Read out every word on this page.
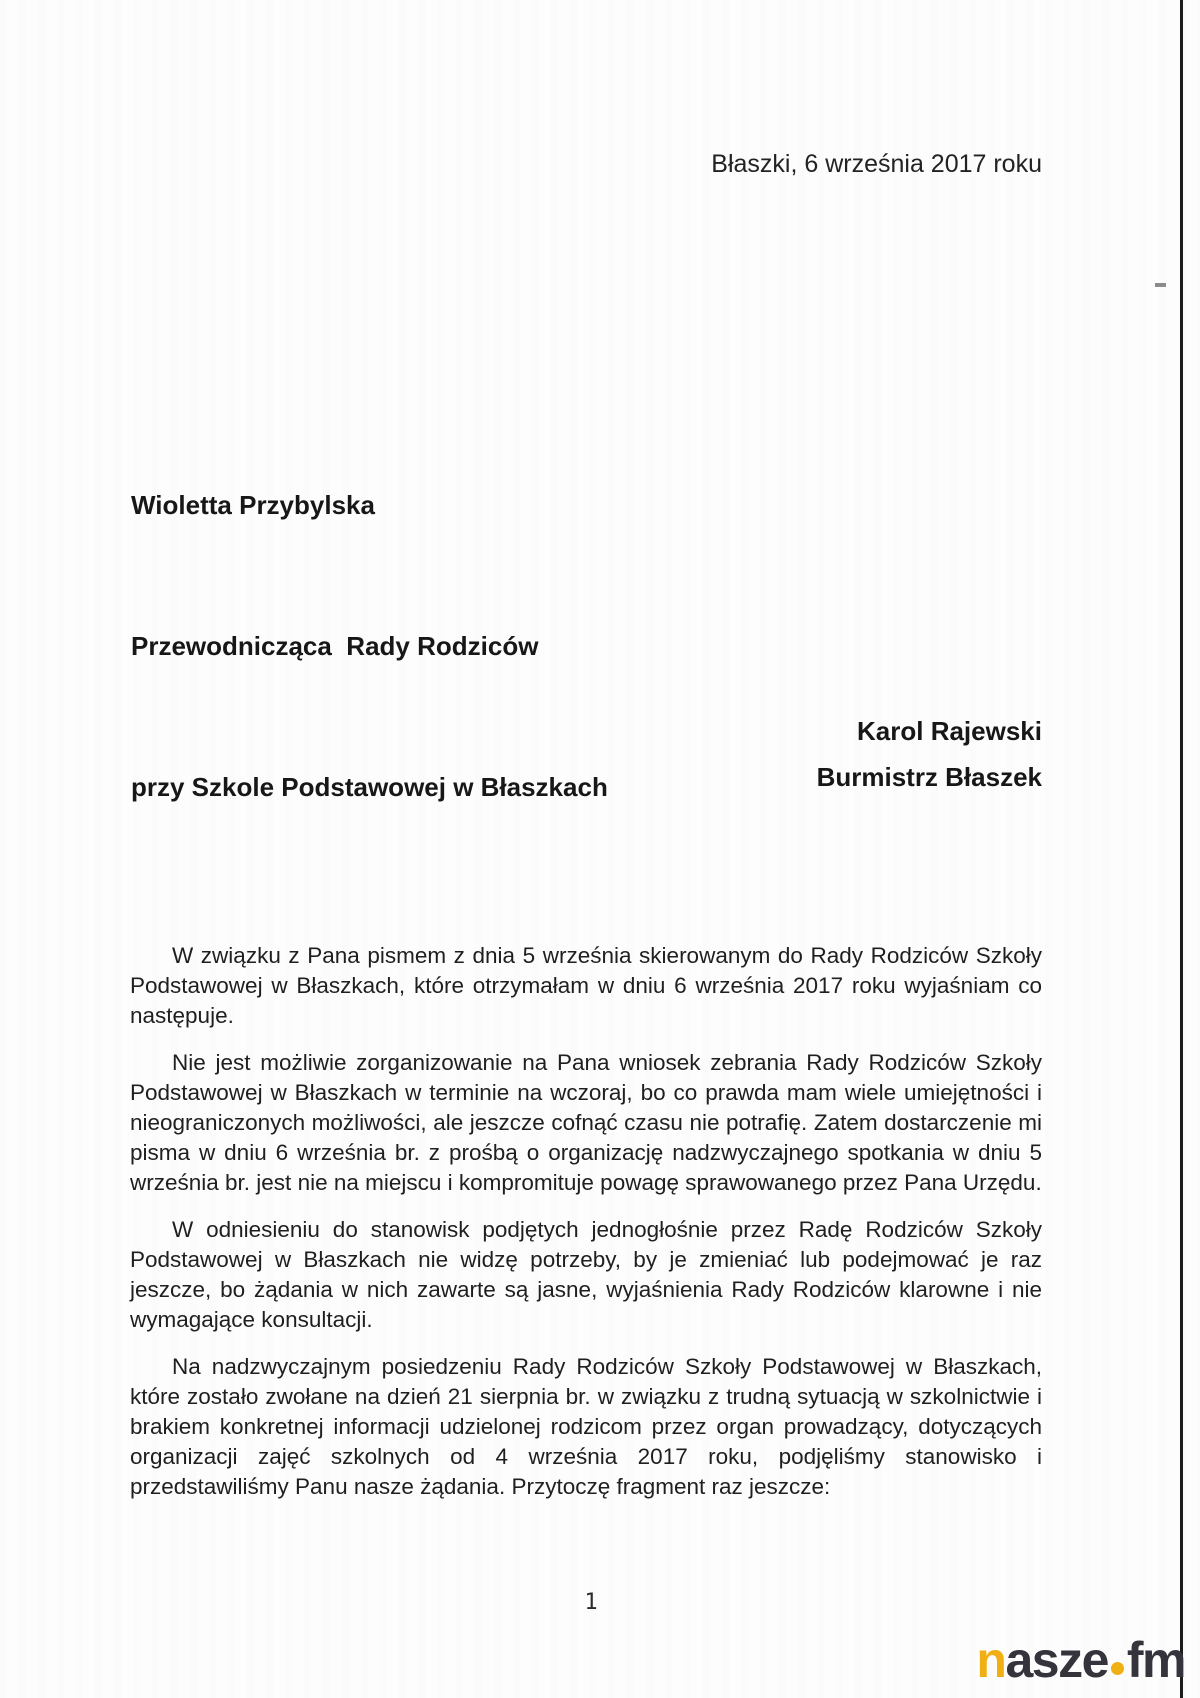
Błaszki, 6 września 2017 roku

Wioletta Przybylska

Przewodnicząca  Rady Rodziców

przy Szkole Podstawowej w Błaszkach

Karol Rajewski
Burmistrz Błaszek

W związku z Pana pismem z dnia 5 września skierowanym do Rady Rodziców Szkoły Podstawowej w Błaszkach, które otrzymałam w dniu 6 września 2017 roku wyjaśniam co następuje.

Nie jest możliwie zorganizowanie na Pana wniosek zebrania Rady Rodziców Szkoły Podstawowej w Błaszkach w terminie na wczoraj, bo co prawda mam wiele umiejętności i nieograniczonych możliwości, ale jeszcze cofnąć czasu nie potrafię. Zatem dostarczenie mi pisma w dniu 6 września br. z prośbą o organizację nadzwyczajnego spotkania w dniu 5 września br. jest nie na miejscu i kompromituje powagę sprawowanego przez Pana Urzędu.

W odniesieniu do stanowisk podjętych jednogłośnie przez Radę Rodziców Szkoły Podstawowej w Błaszkach nie widzę potrzeby, by je zmieniać lub podejmować je raz jeszcze, bo żądania w nich zawarte są jasne, wyjaśnienia Rady Rodziców klarowne i nie wymagające konsultacji.

Na nadzwyczajnym posiedzeniu Rady Rodziców Szkoły Podstawowej w Błaszkach, które zostało zwołane na dzień 21 sierpnia br. w związku z trudną sytuacją w szkolnictwie i brakiem konkretnej informacji udzielonej rodzicom przez organ prowadzący, dotyczących organizacji zajęć szkolnych od 4 września 2017 roku, podjęliśmy stanowisko i przedstawiliśmy Panu nasze żądania. Przytoczę fragment raz jeszcze:

1
nasze fm
